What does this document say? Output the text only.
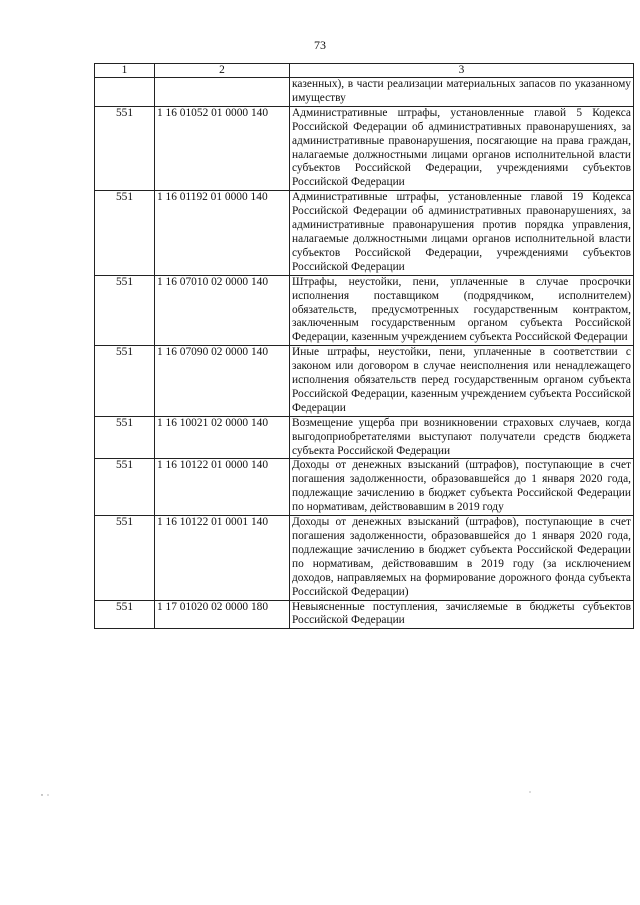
73
1	2	3
		казенных), в части реализации материальных запасов по указанному имуществу
551	1 16 01052 01 0000 140	Административные штрафы, установленные главой 5 Кодекса Российской Федерации об административных правонарушениях, за административные правонарушения, посягающие на права граждан, налагаемые должностными лицами органов исполнительной власти субъектов Российской Федерации, учреждениями субъектов Российской Федерации
551	1 16 01192 01 0000 140	Административные штрафы, установленные главой 19 Кодекса Российской Федерации об административных правонарушениях, за административные правонарушения против порядка управления, налагаемые должностными лицами органов исполнительной власти субъектов Российской Федерации, учреждениями субъектов Российской Федерации
551	1 16 07010 02 0000 140	Штрафы, неустойки, пени, уплаченные в случае просрочки исполнения поставщиком (подрядчиком, исполнителем) обязательств, предусмотренных государственным контрактом, заключенным государственным органом субъекта Российской Федерации, казенным учреждением субъекта Российской Федерации
551	1 16 07090 02 0000 140	Иные штрафы, неустойки, пени, уплаченные в соответствии с законом или договором в случае неисполнения или ненадлежащего исполнения обязательств перед государственным органом субъекта Российской Федерации, казенным учреждением субъекта Российской Федерации
551	1 16 10021 02 0000 140	Возмещение ущерба при возникновении страховых случаев, когда выгодоприобретателями выступают получатели средств бюджета субъекта Российской Федерации
551	1 16 10122 01 0000 140	Доходы от денежных взысканий (штрафов), поступающие в счет погашения задолженности, образовавшейся до 1 января 2020 года, подлежащие зачислению в бюджет субъекта Российской Федерации по нормативам, действовавшим в 2019 году
551	1 16 10122 01 0001 140	Доходы от денежных взысканий (штрафов), поступающие в счет погашения задолженности, образовавшейся до 1 января 2020 года, подлежащие зачислению в бюджет субъекта Российской Федерации по нормативам, действовавшим в 2019 году (за исключением доходов, направляемых на формирование дорожного фонда субъекта Российской Федерации)
551	1 17 01020 02 0000 180	Невыясненные поступления, зачисляемые в бюджеты субъектов Российской Федерации
